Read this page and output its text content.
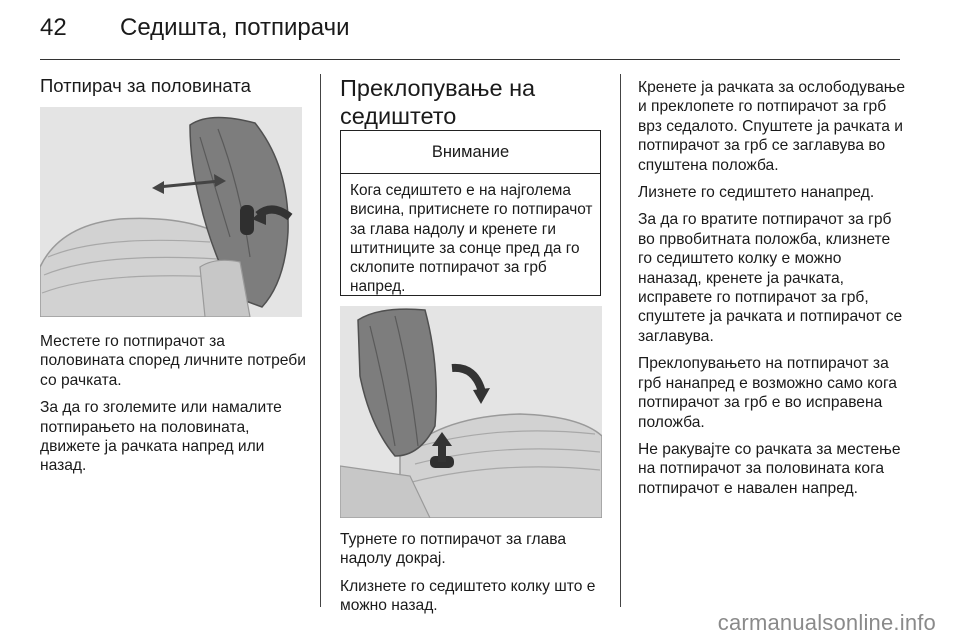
42 Седишта, потпирачи
Потпирач за половината

Местете го потпирачот за половината според личните потреби со рачката.

За да го зголемите или намалите потпирањето на половината, движете ја рачката напред или назад.

Преклопување на седиштето
Внимание
Кога седиштето е на најголема висина, притиснете го потпирачот за глава надолу и кренете ги штитниците за сонце пред да го склопите потпирачот за грб напред.

Турнете го потпирачот за глава надолу докрај.

Клизнете го седиштето колку што е можно назад.

Кренете ја рачката за ослободување и преклопете го потпирачот за грб врз седалото. Спуштете ја рачката и потпирачот за грб се заглавува во спуштена положба.

Лизнете го седиштето нанапред.

За да го вратите потпирачот за грб во првобитната положба, клизнете го седиштето колку е можно наназад, кренете ја рачката, исправете го потпирачот за грб, спуштете ја рачката и потпирачот се заглавува.

Преклопувањето на потпирачот за грб нанапред е возможно само кога потпирачот за грб е во исправена положба.

Не ракувајте со рачката за местење на потпирачот за половината кога потпирачот е навален напред.

carmanualsonline.info
